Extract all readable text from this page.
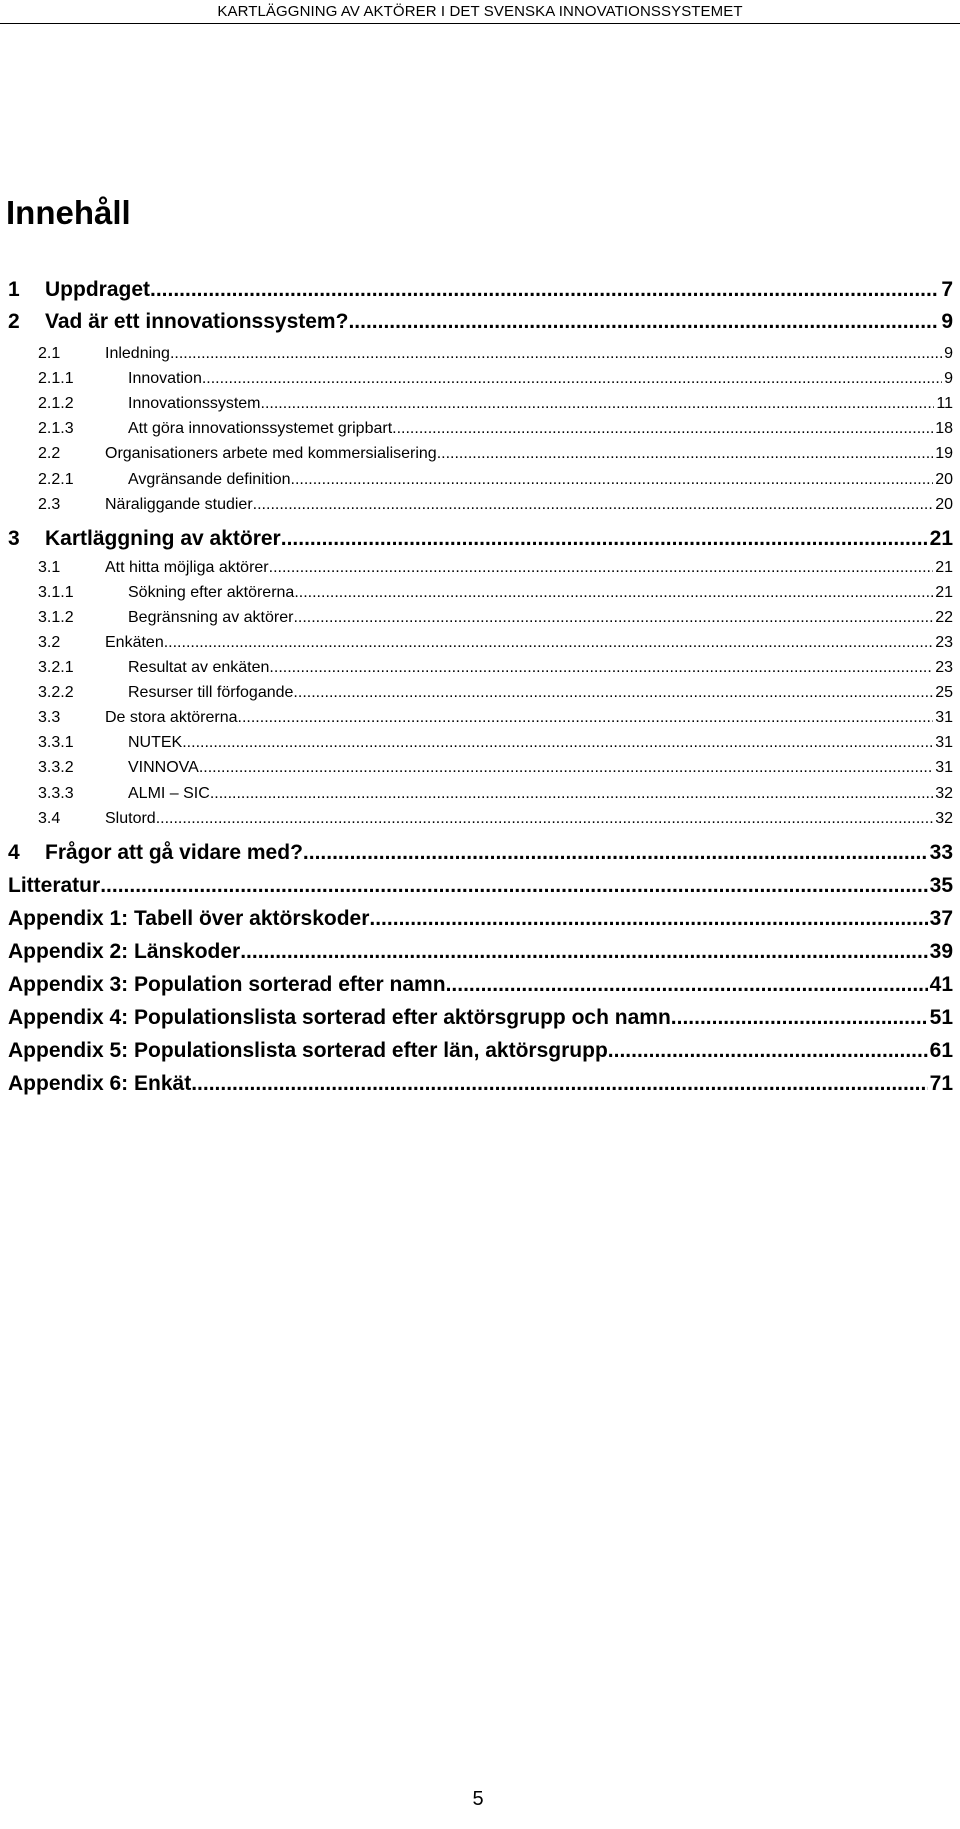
KARTLÄGGNING AV AKTÖRER I DET SVENSKA INNOVATIONSSYSTEMET
Innehåll
1	Uppdraget .....	7
2	Vad är ett innovationssystem? .....	9
2.1	Inledning .....	9
2.1.1	Innovation .....	9
2.1.2	Innovationssystem .....	11
2.1.3	Att göra innovationssystemet gripbart .....	18
2.2	Organisationers arbete med kommersialisering .....	19
2.2.1	Avgränsande definition .....	20
2.3	Näraliggande studier .....	20
3	Kartläggning av aktörer .....	21
3.1	Att hitta möjliga aktörer .....	21
3.1.1	Sökning efter aktörerna .....	21
3.1.2	Begränsning av aktörer .....	22
3.2	Enkäten .....	23
3.2.1	Resultat av enkäten .....	23
3.2.2	Resurser till förfogande .....	25
3.3	De stora aktörerna .....	31
3.3.1	NUTEK .....	31
3.3.2	VINNOVA .....	31
3.3.3	ALMI – SIC .....	32
3.4	Slutord .....	32
4	Frågor att gå vidare med? .....	33
Litteratur .....	35
Appendix 1: Tabell över aktörskoder .....	37
Appendix 2: Länskoder .....	39
Appendix 3: Population sorterad efter namn .....	41
Appendix 4: Populationslista sorterad efter aktörsgrupp och namn .....	51
Appendix 5: Populationslista sorterad efter län, aktörsgrupp .....	61
Appendix 6: Enkät .....	71
5
